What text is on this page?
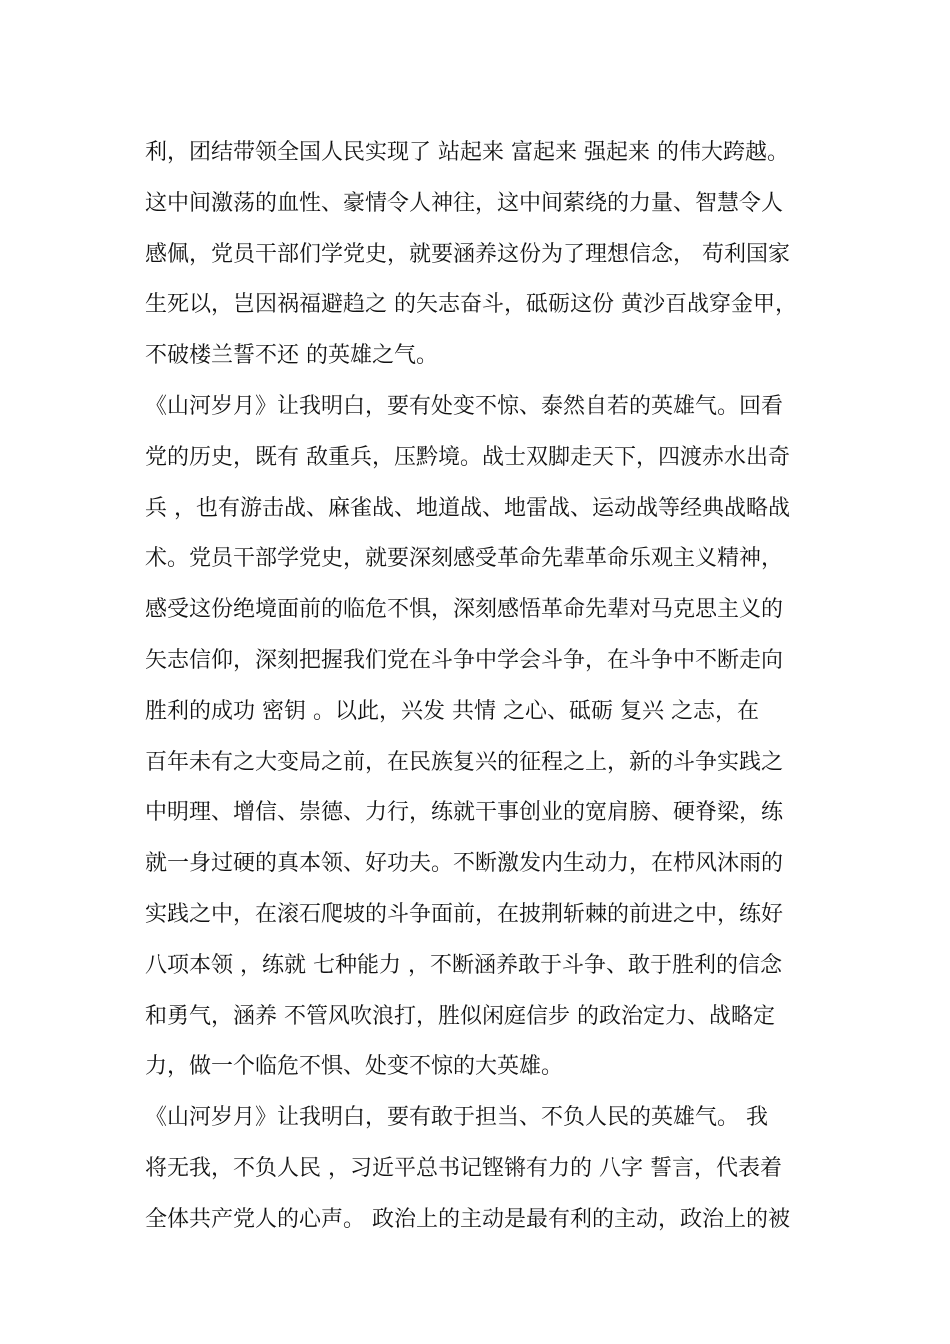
利，团结带领全国人民实现了 站起来 富起来 强起来 的伟大跨越。
这中间激荡的血性、豪情令人神往，这中间萦绕的力量、智慧令人
感佩，党员干部们学党史，就要涵养这份为了理想信念， 苟利国家
生死以，岂因祸福避趋之 的矢志奋斗，砥砺这份 黄沙百战穿金甲，
不破楼兰誓不还 的英雄之气。
《山河岁月》让我明白，要有处变不惊、泰然自若的英雄气。回看
党的历史，既有 敌重兵，压黔境。战士双脚走天下，四渡赤水出奇
兵 ，也有游击战、麻雀战、地道战、地雷战、运动战等经典战略战
术。党员干部学党史，就要深刻感受革命先辈革命乐观主义精神，
感受这份绝境面前的临危不惧，深刻感悟革命先辈对马克思主义的
矢志信仰，深刻把握我们党在斗争中学会斗争，在斗争中不断走向
胜利的成功 密钥 。以此，兴发 共情 之心、砥砺 复兴 之志，在
百年未有之大变局之前，在民族复兴的征程之上，新的斗争实践之
中明理、增信、崇德、力行，练就干事创业的宽肩膀、硬脊梁，练
就一身过硬的真本领、好功夫。不断激发内生动力，在栉风沐雨的
实践之中，在滚石爬坡的斗争面前，在披荆斩棘的前进之中，练好
八项本领 ，练就 七种能力 ，不断涵养敢于斗争、敢于胜利的信念
和勇气，涵养 不管风吹浪打，胜似闲庭信步 的政治定力、战略定
力，做一个临危不惧、处变不惊的大英雄。
《山河岁月》让我明白，要有敢于担当、不负人民的英雄气。 我
将无我，不负人民 ，习近平总书记铿锵有力的 八字 誓言，代表着
全体共产党人的心声。 政治上的主动是最有利的主动，政治上的被
